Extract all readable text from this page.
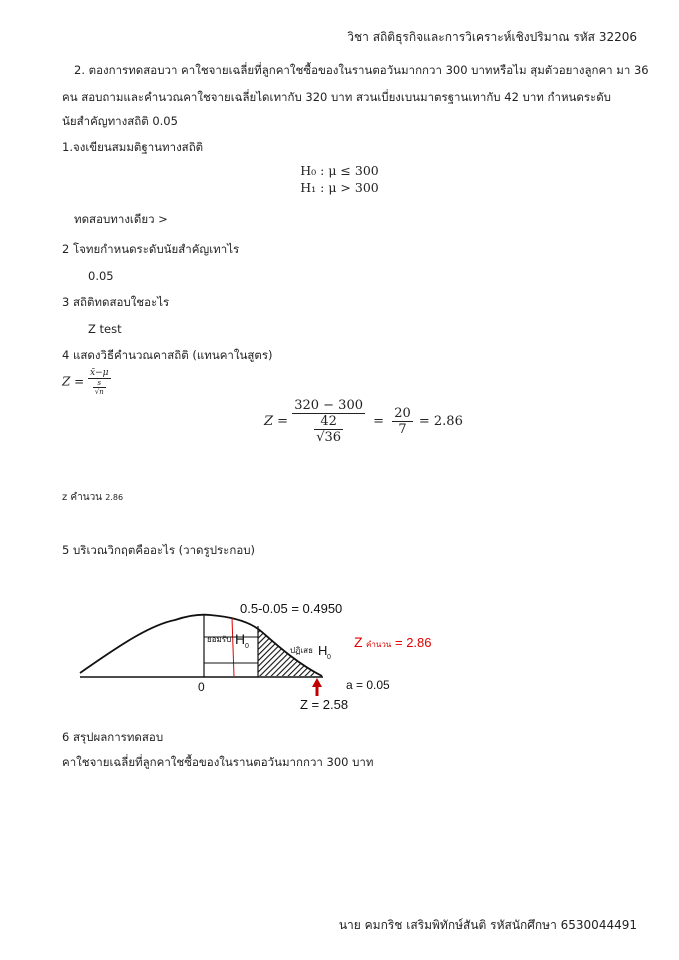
วิชา สถิติธุรกิจและการวิเคราะห์เชิงปริมาณ รหัส 32206
2. ตองการทดสอบวา คาใชจายเฉลี่ยที่ลูกคาใชซื้อของในรานตอวันมากกวา 300 บาทหรือไม สุมตัวอยางลูกคา มา 36
คน สอบถามและคำนวณคาใชจายเฉลี่ยไดเทากับ 320 บาท สวนเบี่ยงเบนมาตรฐานเทากับ 42 บาท กำหนดระดับ
นัยสำคัญทางสถิติ 0.05
1.จงเขียนสมมติฐานทางสถิติ
H₀ : μ ≤ 300
H₁ : μ > 300
ทดสอบทางเดียว >
2 โจทยกำหนดระดับนัยสำคัญเทาไร
0.05
3 สถิติทดสอบใชอะไร
Z test
4 แสดงวิธีคำนวณคาสถิติ (แทนคาในสูตร)
$Z = \frac{x̄-\mu}{\frac{s}{√n}}$
$Z = \frac{320 - 300}{\frac{42}{√36}} = \frac{20}{7} = 2.86$
z คำนวน 2.86
5 บริเวณวิกฤตคืออะไร (วาดรูประกอบ)
0.5-0.05 = 0.4950
ยอมรับ H 0	ปฏิเสธ H 0
Z คำนวน = 2.86
0	a = 0.05
Z = 2.58
6 สรุปผลการทดสอบ
คาใชจายเฉลี่ยที่ลูกคาใชซื้อของในรานตอวันมากกวา 300 บาท
นาย คมกริช เสริมพิทักษ์สันติ รหัสนักศึกษา 6530044491
